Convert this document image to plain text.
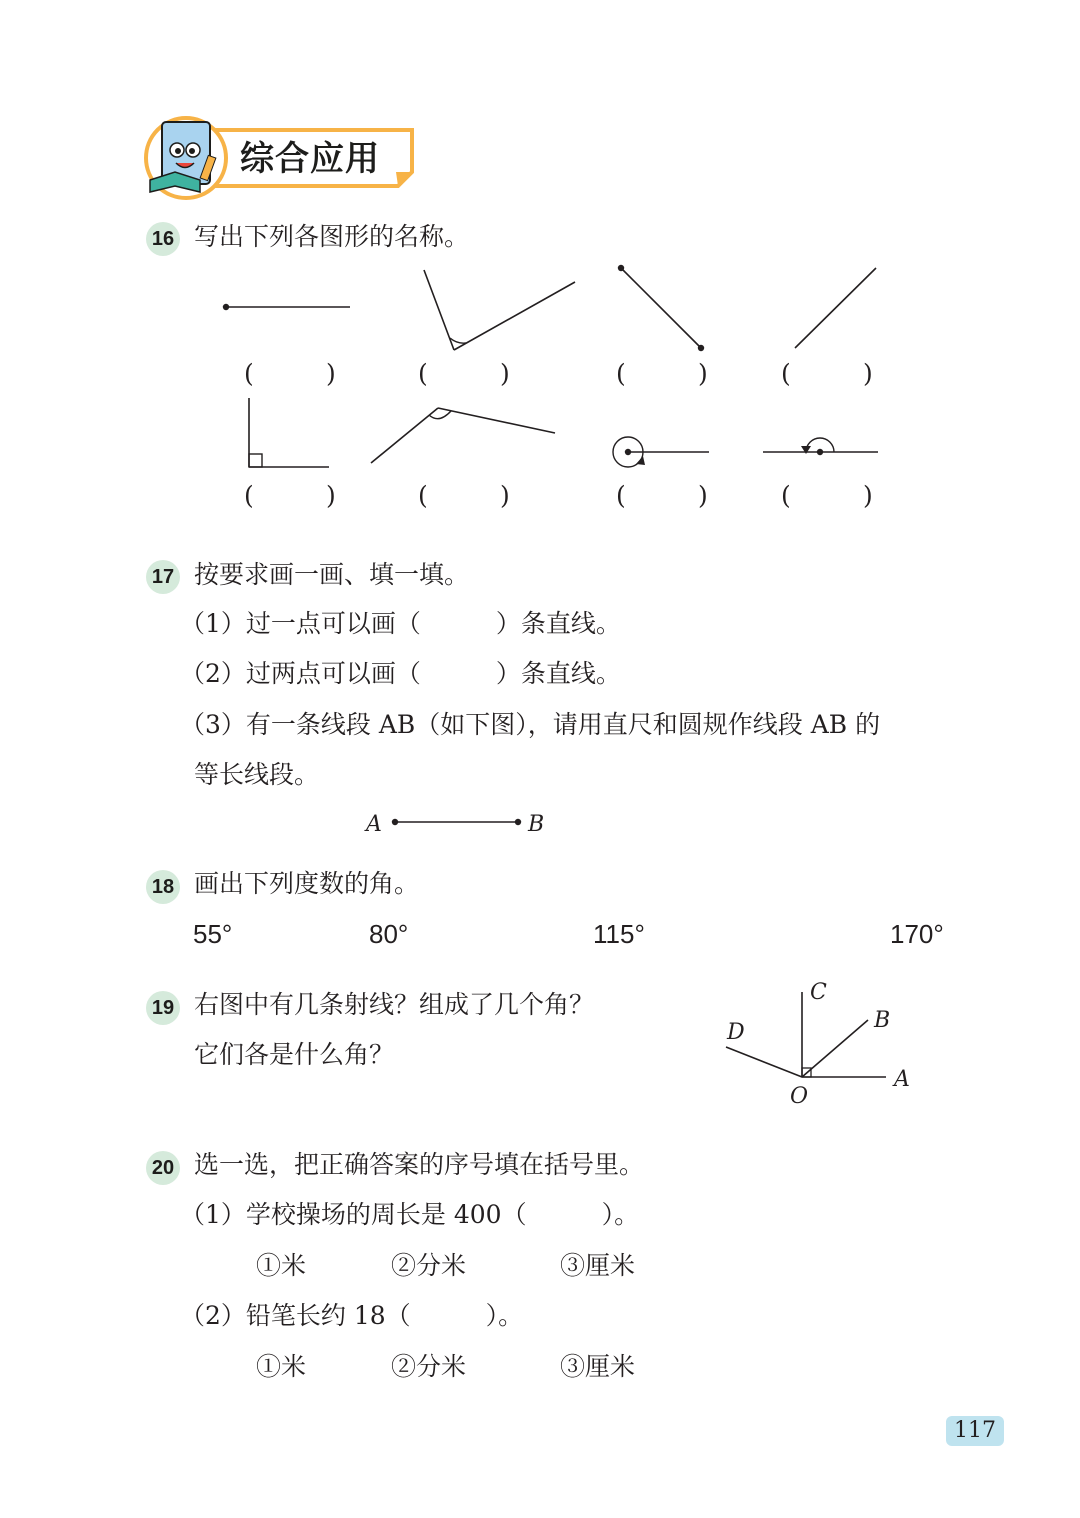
综合应用
16 写出下列各图形的名称。
(	)	(	)	(	)	(	)
(	)	(	)	(	)	(	)
17 按要求画一画、填一填。
（1）过一点可以画（　　　）条直线。
（2）过两点可以画（　　　）条直线。
（3）有一条线段 AB（如下图），请用直尺和圆规作线段 AB 的
等长线段。
A	B
18 画出下列度数的角。
55°	80°	115°	170°
19 右图中有几条射线？组成了几个角？
它们各是什么角？
C
B
D
A
O
20 选一选，把正确答案的序号填在括号里。
（1）学校操场的周长是 400（　　　）。
①米	②分米	③厘米
（2）铅笔长约 18（　　　）。
①米	②分米	③厘米
117
